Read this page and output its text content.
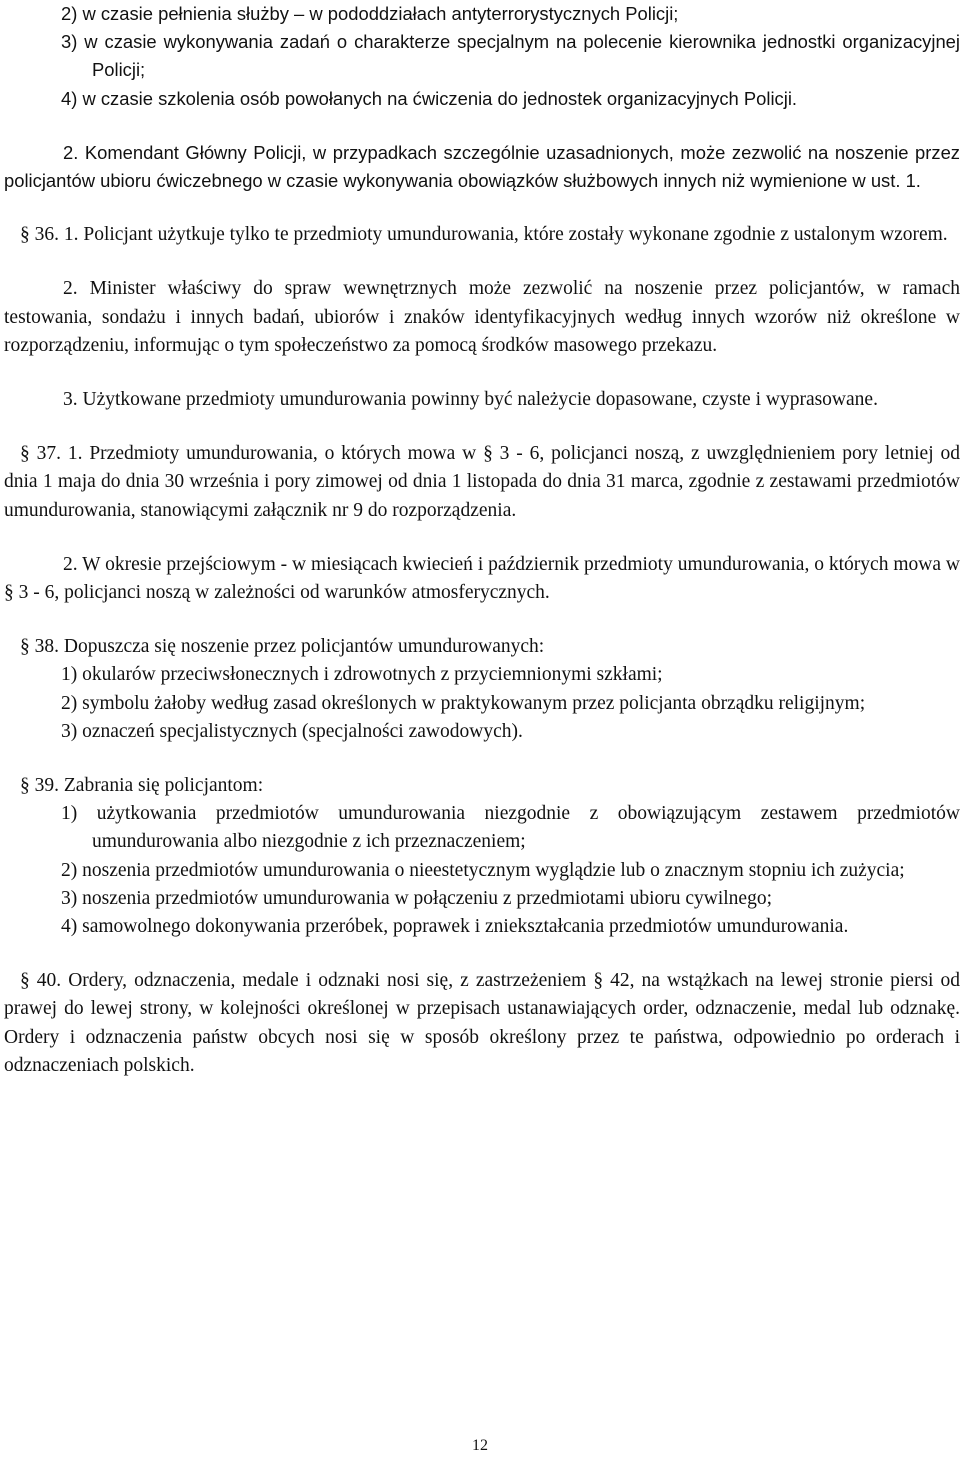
2) w czasie pełnienia służby – w pododdziałach antyterrorystycznych Policji;

3) w czasie wykonywania zadań o charakterze specjalnym na polecenie kierownika jednostki organizacyjnej Policji;

4) w czasie szkolenia osób powołanych na ćwiczenia do jednostek organizacyjnych Policji.

2. Komendant Główny Policji, w przypadkach szczególnie uzasadnionych, może zezwolić na noszenie przez policjantów ubioru ćwiczebnego w czasie wykonywania obowiązków służbowych innych niż wymienione w ust. 1.

§ 36. 1. Policjant użytkuje tylko te przedmioty umundurowania, które zostały wykonane zgodnie z ustalonym wzorem.

2. Minister właściwy do spraw wewnętrznych może zezwolić na noszenie przez policjantów, w ramach testowania, sondażu i innych badań, ubiorów i znaków identyfikacyjnych według innych wzorów niż określone w rozporządzeniu, informując o tym społeczeństwo za pomocą środków masowego przekazu.

3. Użytkowane przedmioty umundurowania powinny być należycie dopasowane, czyste i wyprasowane.

§ 37. 1. Przedmioty umundurowania, o których mowa w § 3 - 6, policjanci noszą, z uwzględnieniem pory letniej od dnia 1 maja do dnia 30 września i pory zimowej od dnia 1 listopada do dnia 31 marca, zgodnie z zestawami przedmiotów umundurowania, stanowiącymi załącznik nr 9 do rozporządzenia.

2. W okresie przejściowym - w miesiącach kwiecień i październik przedmioty umundurowania, o których mowa w § 3 - 6, policjanci noszą w zależności od warunków atmosferycznych.

§ 38. Dopuszcza się noszenie przez policjantów umundurowanych:

1) okularów przeciwsłonecznych i zdrowotnych z przyciemnionymi szkłami;

2) symbolu żałoby według zasad określonych w praktykowanym przez policjanta obrządku religijnym;

3) oznaczeń specjalistycznych (specjalności zawodowych).

§ 39. Zabrania się policjantom:

1) użytkowania przedmiotów umundurowania niezgodnie z obowiązującym zestawem przedmiotów umundurowania albo niezgodnie z ich przeznaczeniem;

2) noszenia przedmiotów umundurowania o nieestetycznym wyglądzie lub o znacznym stopniu ich zużycia;

3) noszenia przedmiotów umundurowania w połączeniu z przedmiotami ubioru cywilnego;

4) samowolnego dokonywania przeróbek, poprawek i zniekształcania przedmiotów umundurowania.

§ 40. Ordery, odznaczenia, medale i odznaki nosi się, z zastrzeżeniem § 42, na wstążkach na lewej stronie piersi od prawej do lewej strony, w kolejności określonej w przepisach ustanawiających order, odznaczenie, medal lub odznakę. Ordery i odznaczenia państw obcych nosi się w sposób określony przez te państwa, odpowiednio po orderach i odznaczeniach polskich.

12
